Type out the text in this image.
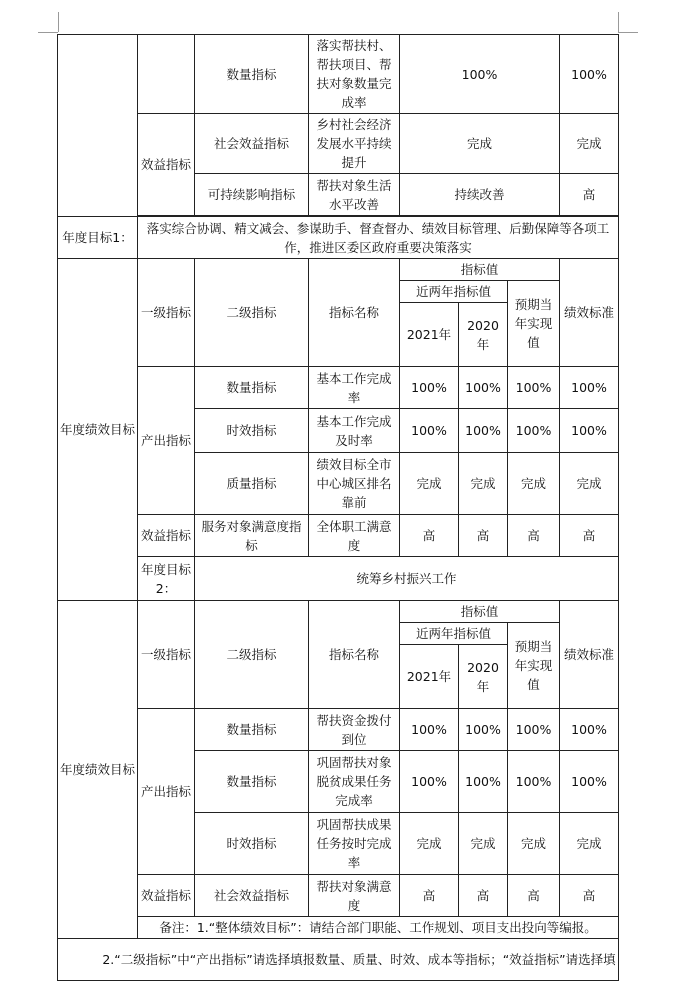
		数量指标	落实帮扶村、帮扶项目、帮扶对象数量完成率	100%			100%
	效益指标	社会效益指标	乡村社会经济发展水平持续提升	完成			完成
		可持续影响指标	帮扶对象生活水平改善	持续改善			高

年度目标1：	落实综合协调、精文减会、参谋助手、督查督办、绩效目标管理、后勤保障等各项工作，推进区委区政府重要决策落实						
年度绩效目标	一级指标	二级指标	指标名称	指标值			绩效标准
				近两年指标值		预期当年实现值	
				2021年	2020年		

	产出指标	数量指标	基本工作完成率	100%	100%	100%	100%
		时效指标	基本工作完成及时率	100%	100%	100%	100%
		质量指标	绩效目标全市中心城区排名靠前	完成	完成	完成	完成
	效益指标	服务对象满意度指标	全体职工满意度	高	高	高	高
	年度目标2：	统筹乡村振兴工作					
年度绩效目标	一级指标	二级指标	指标名称	指标值			绩效标准
				近两年指标值		预期当年实现值	
				2021年	2020年		

	产出指标	数量指标	帮扶资金拨付到位	100%	100%	100%	100%
		数量指标	巩固帮扶对象脱贫成果任务完成率	100%	100%	100%	100%
		时效指标	巩固帮扶成果任务按时完成率	完成	完成	完成	完成
	效益指标	社会效益指标	帮扶对象满意度	高	高	高	高
	备注：1.“整体绩效目标”：请结合部门职能、工作规划、项目支出投向等编报。						
2.“二级指标”中“产出指标”请选择填报数量、质量、时效、成本等指标；“效益指标”请选择填							
